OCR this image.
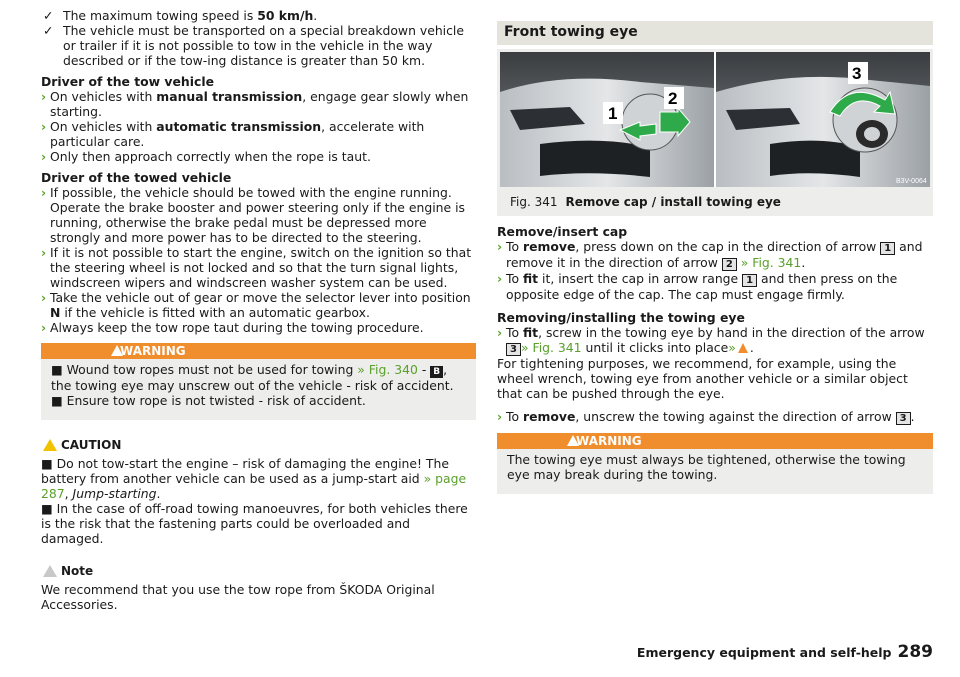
✓ The maximum towing speed is 50 km/h.

✓ The vehicle must be transported on a special breakdown vehicle or trailer if it is not possible to tow in the vehicle in the way described or if the tow-ing distance is greater than 50 km.

Driver of the tow vehicle

› On vehicles with manual transmission, engage gear slowly when starting.

› On vehicles with automatic transmission, accelerate with particular care.

› Only then approach correctly when the rope is taut.

Driver of the towed vehicle

› If possible, the vehicle should be towed with the engine running. Operate the brake booster and power steering only if the engine is running, otherwise the brake pedal must be depressed more strongly and more power has to be directed to the steering.

› If it is not possible to start the engine, switch on the ignition so that the steering wheel is not locked and so that the turn signal lights, windscreen wipers and windscreen washer system can be used.

› Take the vehicle out of gear or move the selector lever into position N if the vehicle is fitted with an automatic gearbox.

› Always keep the tow rope taut during the towing procedure.

WARNING

■ Wound tow ropes must not be used for towing » Fig. 340 - B , the towing eye may unscrew out of the vehicle - risk of accident.

■ Ensure tow rope is not twisted - risk of accident.

CAUTION

■ Do not tow-start the engine – risk of damaging the engine! The battery from another vehicle can be used as a jump-start aid » page 287, Jump-starting.

■ In the case of off-road towing manoeuvres, for both vehicles there is the risk that the fastening parts could be overloaded and damaged.

Note

We recommend that you use the tow rope from ŠKODA Original Accessories.

Front towing eye
1
2
3
B3V-0064
Fig. 341 Remove cap / install towing eye

Remove/insert cap

› To remove, press down on the cap in the direction of arrow 1 and remove it in the direction of arrow 2 » Fig. 341.

› To fit it, insert the cap in arrow range 1 and then press on the opposite edge of the cap. The cap must engage firmly.

Removing/installing the towing eye

› To fit, screw in the towing eye by hand in the direction of the arrow 3 » Fig. 341 until it clicks into place» .

For tightening purposes, we recommend, for example, using the wheel wrench, towing eye from another vehicle or a similar object that can be pushed through the eye.

› To remove, unscrew the towing against the direction of arrow 3 .

WARNING

The towing eye must always be tightened, otherwise the towing eye may break during the towing.

Emergency equipment and self-help 289
